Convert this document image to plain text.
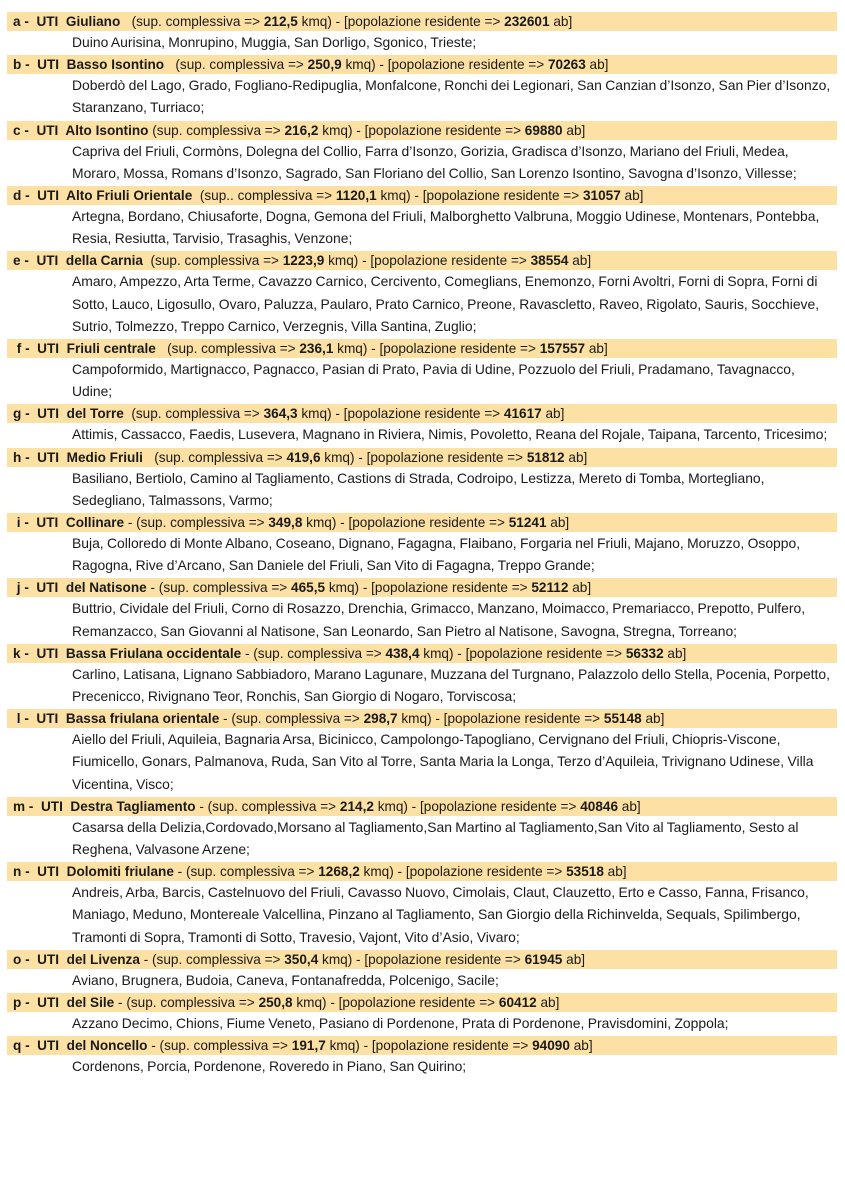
a - UTI Giuliano   (sup. complessiva => 212,5 kmq) - [popolazione residente => 232601 ab]
Duino Aurisina, Monrupino, Muggia, San Dorligo, Sgonico, Trieste;
b - UTI Basso Isontino   (sup. complessiva => 250,9 kmq) - [popolazione residente => 70263 ab]
Doberdò del Lago, Grado, Fogliano-Redipuglia, Monfalcone, Ronchi dei Legionari, San Canzian d’Isonzo, San Pier d’Isonzo, Staranzano, Turriaco;
c - UTI Alto Isontino (sup. complessiva => 216,2 kmq) - [popolazione residente => 69880 ab]
Capriva del Friuli, Cormòns, Dolegna del Collio, Farra d’Isonzo, Gorizia, Gradisca d’Isonzo, Mariano del Friuli, Medea, Moraro, Mossa, Romans d’Isonzo, Sagrado, San Floriano del Collio, San Lorenzo Isontino, Savogna d’Isonzo, Villesse;
d - UTI Alto Friuli Orientale  (sup.. complessiva => 1120,1 kmq) - [popolazione residente => 31057 ab]
Artegna, Bordano, Chiusaforte, Dogna, Gemona del Friuli, Malborghetto Valbruna, Moggio Udinese, Montenars, Pontebba, Resia, Resiutta, Tarvisio, Trasaghis, Venzone;
e - UTI della Carnia  (sup. complessiva => 1223,9 kmq) - [popolazione residente => 38554 ab]
Amaro, Ampezzo, Arta Terme, Cavazzo Carnico, Cercivento, Comeglians, Enemonzo, Forni Avoltri, Forni di Sopra, Forni di Sotto, Lauco, Ligosullo, Ovaro, Paluzza, Paularo, Prato Carnico, Preone, Ravascletto, Raveo, Rigolato, Sauris, Socchieve, Sutrio, Tolmezzo, Treppo Carnico, Verzegnis, Villa Santina, Zuglio;
f - UTI Friuli centrale   (sup. complessiva => 236,1 kmq) - [popolazione residente => 157557 ab]
Campoformido, Martignacco, Pagnacco, Pasian di Prato, Pavia di Udine, Pozzuolo del Friuli, Pradamano, Tavagnacco, Udine;
g - UTI del Torre  (sup. complessiva => 364,3 kmq) - [popolazione residente => 41617 ab]
Attimis, Cassacco, Faedis, Lusevera, Magnano in Riviera, Nimis, Povoletto, Reana del Rojale, Taipana, Tarcento, Tricesimo;
h - UTI Medio Friuli   (sup. complessiva => 419,6 kmq) - [popolazione residente => 51812 ab]
Basiliano, Bertiolo, Camino al Tagliamento, Castions di Strada, Codroipo, Lestizza, Mereto di Tomba, Mortegliano, Sedegliano, Talmassons, Varmo;
i - UTI Collinare - (sup. complessiva => 349,8 kmq) - [popolazione residente => 51241 ab]
Buja, Colloredo di Monte Albano, Coseano, Dignano, Fagagna, Flaibano, Forgaria nel Friuli, Majano, Moruzzo, Osoppo, Ragogna, Rive d’Arcano, San Daniele del Friuli, San Vito di Fagagna, Treppo Grande;
j - UTI del Natisone - (sup. complessiva => 465,5 kmq) - [popolazione residente => 52112 ab]
Buttrio, Cividale del Friuli, Corno di Rosazzo, Drenchia, Grimacco, Manzano, Moimacco, Premariacco, Prepotto, Pulfero, Remanzacco, San Giovanni al Natisone, San Leonardo, San Pietro al Natisone, Savogna, Stregna, Torreano;
k - UTI Bassa Friulana occidentale - (sup. complessiva => 438,4 kmq) - [popolazione residente => 56332 ab]
Carlino, Latisana, Lignano Sabbiadoro, Marano Lagunare, Muzzana del Turgnano, Palazzolo dello Stella, Pocenia, Porpetto, Precenicco, Rivignano Teor, Ronchis, San Giorgio di Nogaro, Torviscosa;
l - UTI Bassa friulana orientale - (sup. complessiva => 298,7 kmq) - [popolazione residente => 55148 ab]
Aiello del Friuli, Aquileia, Bagnaria Arsa, Bicinicco, Campolongo-Tapogliano, Cervignano del Friuli, Chiopris-Viscone, Fiumicello, Gonars, Palmanova, Ruda, San Vito al Torre, Santa Maria la Longa, Terzo d’Aquileia, Trivignano Udinese, Villa Vicentina, Visco;
m - UTI Destra Tagliamento - (sup. complessiva => 214,2 kmq) - [popolazione residente => 40846 ab]
Casarsa della Delizia,Cordovado,Morsano al Tagliamento,San Martino al Tagliamento,San Vito al Tagliamento, Sesto al Reghena, Valvasone Arzene;
n - UTI Dolomiti friulane - (sup. complessiva => 1268,2 kmq) - [popolazione residente => 53518 ab]
Andreis, Arba, Barcis, Castelnuovo del Friuli, Cavasso Nuovo, Cimolais, Claut, Clauzetto, Erto e Casso, Fanna, Frisanco, Maniago, Meduno, Montereale Valcellina, Pinzano al Tagliamento, San Giorgio della Richinvelda, Sequals, Spilimbergo, Tramonti di Sopra, Tramonti di Sotto, Travesio, Vajont, Vito d’Asio, Vivaro;
o - UTI del Livenza - (sup. complessiva => 350,4 kmq) - [popolazione residente => 61945 ab]
Aviano, Brugnera, Budoia, Caneva, Fontanafredda, Polcenigo, Sacile;
p - UTI del Sile - (sup. complessiva => 250,8 kmq) - [popolazione residente => 60412 ab]
Azzano Decimo, Chions, Fiume Veneto, Pasiano di Pordenone, Prata di Pordenone, Pravisdomini, Zoppola;
q - UTI del Noncello - (sup. complessiva => 191,7 kmq) - [popolazione residente => 94090 ab]
Cordenons, Porcia, Pordenone, Roveredo in Piano, San Quirino;
